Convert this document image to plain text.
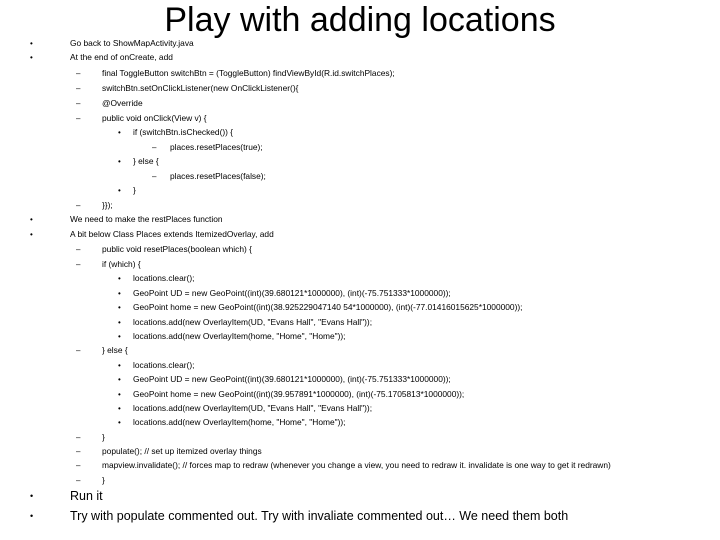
Play with adding locations
•	Go back to ShowMapActivity.java
•	At the end of onCreate, add
–	final ToggleButton switchBtn = (ToggleButton) findViewById(R.id.switchPlaces);
–	switchBtn.setOnClickListener(new OnClickListener(){
–	@Override
–	public void onClick(View v) {
• if (switchBtn.isChecked()) {
– places.resetPlaces(true);
• } else {
– places.resetPlaces(false);
• }
–	}});
•	We need to make the restPlaces function
•	A bit below Class Places extends ItemizedOverlay, add
–	public void resetPlaces(boolean which) {
–	if (which) {
• locations.clear();
• GeoPoint UD = new GeoPoint((int)(39.680121*1000000), (int)(-75.751333*1000000));
• GeoPoint home = new GeoPoint((int)(38.925229047140 54*1000000), (int)(-77.01416015625*1000000));
• locations.add(new OverlayItem(UD, "Evans Hall", "Evans Hall"));
• locations.add(new OverlayItem(home, "Home", "Home"));
–	} else {
• locations.clear();
• GeoPoint UD = new GeoPoint((int)(39.680121*1000000), (int)(-75.751333*1000000));
• GeoPoint home = new GeoPoint((int)(39.957891*1000000), (int)(-75.1705813*1000000));
• locations.add(new OverlayItem(UD, "Evans Hall", "Evans Hall"));
• locations.add(new OverlayItem(home, "Home", "Home"));
–	}
–	populate(); // set up itemized overlay things
–	mapview.invalidate(); // forces map to redraw (whenever you change a view, you need to redraw it. invalidate is one way to get it redrawn)
–	}
•	Run it
•	Try with populate commented out. Try with invaliate commented out… We need them both
